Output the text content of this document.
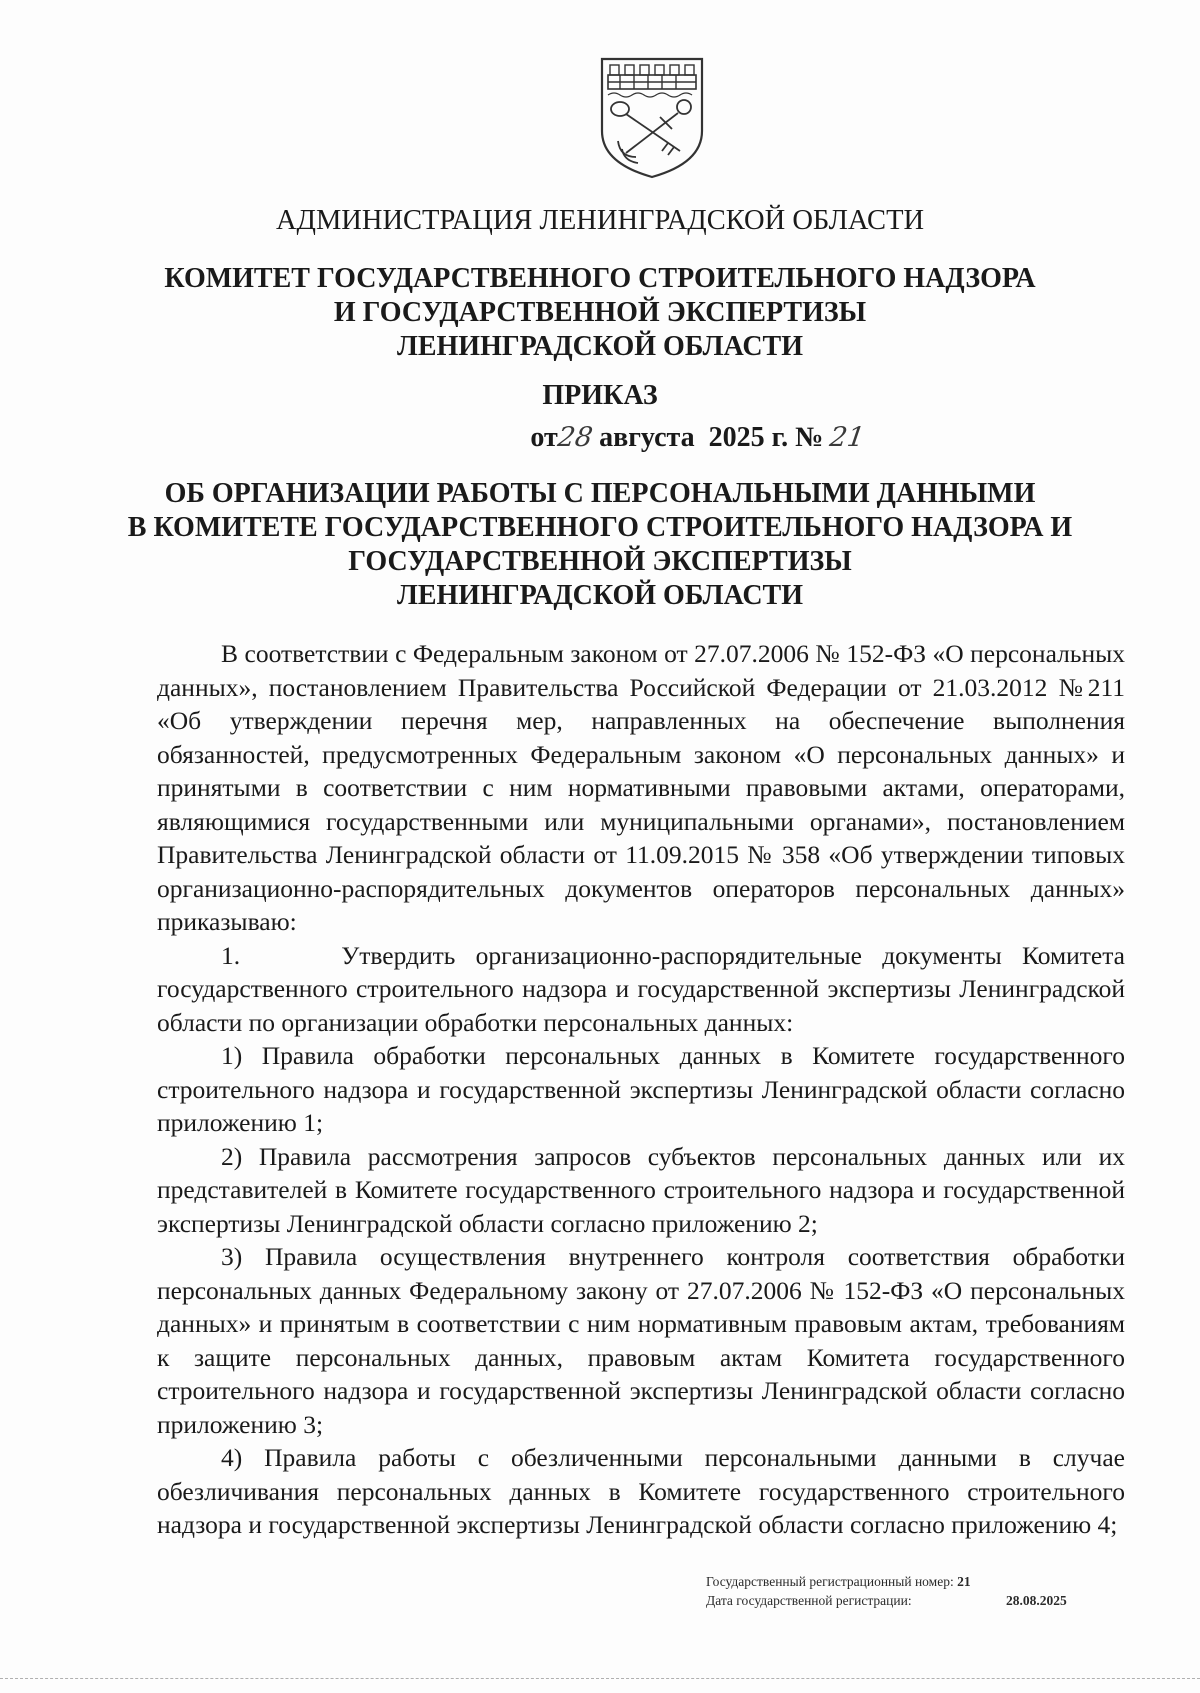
АДМИНИСТРАЦИЯ ЛЕНИНГРАДСКОЙ ОБЛАСТИ
КОМИТЕТ ГОСУДАРСТВЕННОГО СТРОИТЕЛЬНОГО НАДЗОРА
И ГОСУДАРСТВЕННОЙ ЭКСПЕРТИЗЫ
ЛЕНИНГРАДСКОЙ ОБЛАСТИ
ПРИКАЗ
от28 августа  2025 г. № 21
ОБ ОРГАНИЗАЦИИ РАБОТЫ С ПЕРСОНАЛЬНЫМИ ДАННЫМИ
В КОМИТЕТЕ ГОСУДАРСТВЕННОГО СТРОИТЕЛЬНОГО НАДЗОРА И
ГОСУДАРСТВЕННОЙ ЭКСПЕРТИЗЫ
ЛЕНИНГРАДСКОЙ ОБЛАСТИ

В соответствии с Федеральным законом от 27.07.2006 № 152-ФЗ «О персональных данных», постановлением Правительства Российской Федерации от 21.03.2012 №211 «Об утверждении перечня мер, направленных на обеспечение выполнения обязанностей, предусмотренных Федеральным законом «О персональных данных» и принятыми в соответствии с ним нормативными правовыми актами, операторами, являющимися государственными или муниципальными органами», постановлением Правительства Ленинградской области от 11.09.2015 № 358 «Об утверждении типовых организационно-распорядительных документов операторов персональных данных» приказываю:

1.     Утвердить организационно-распорядительные документы Комитета государственного строительного надзора и государственной экспертизы Ленинградской области по организации обработки персональных данных:

1) Правила обработки персональных данных в Комитете государственного строительного надзора и государственной экспертизы Ленинградской области согласно приложению 1;

2) Правила рассмотрения запросов субъектов персональных данных или их представителей в Комитете государственного строительного надзора и государственной экспертизы Ленинградской области согласно приложению 2;

3) Правила осуществления внутреннего контроля соответствия обработки персональных данных Федеральному закону от 27.07.2006 № 152-ФЗ «О персональных данных» и принятым в соответствии с ним нормативным правовым актам, требованиям к защите персональных данных, правовым актам Комитета государственного строительного надзора и государственной экспертизы Ленинградской области согласно приложению 3;

4) Правила работы с обезличенными персональными данными в случае обезличивания персональных данных в Комитете государственного строительного надзора и государственной экспертизы Ленинградской области согласно приложению 4;

Государственный регистрационный номер: 21
Дата государственной регистрации:	28.08.2025
